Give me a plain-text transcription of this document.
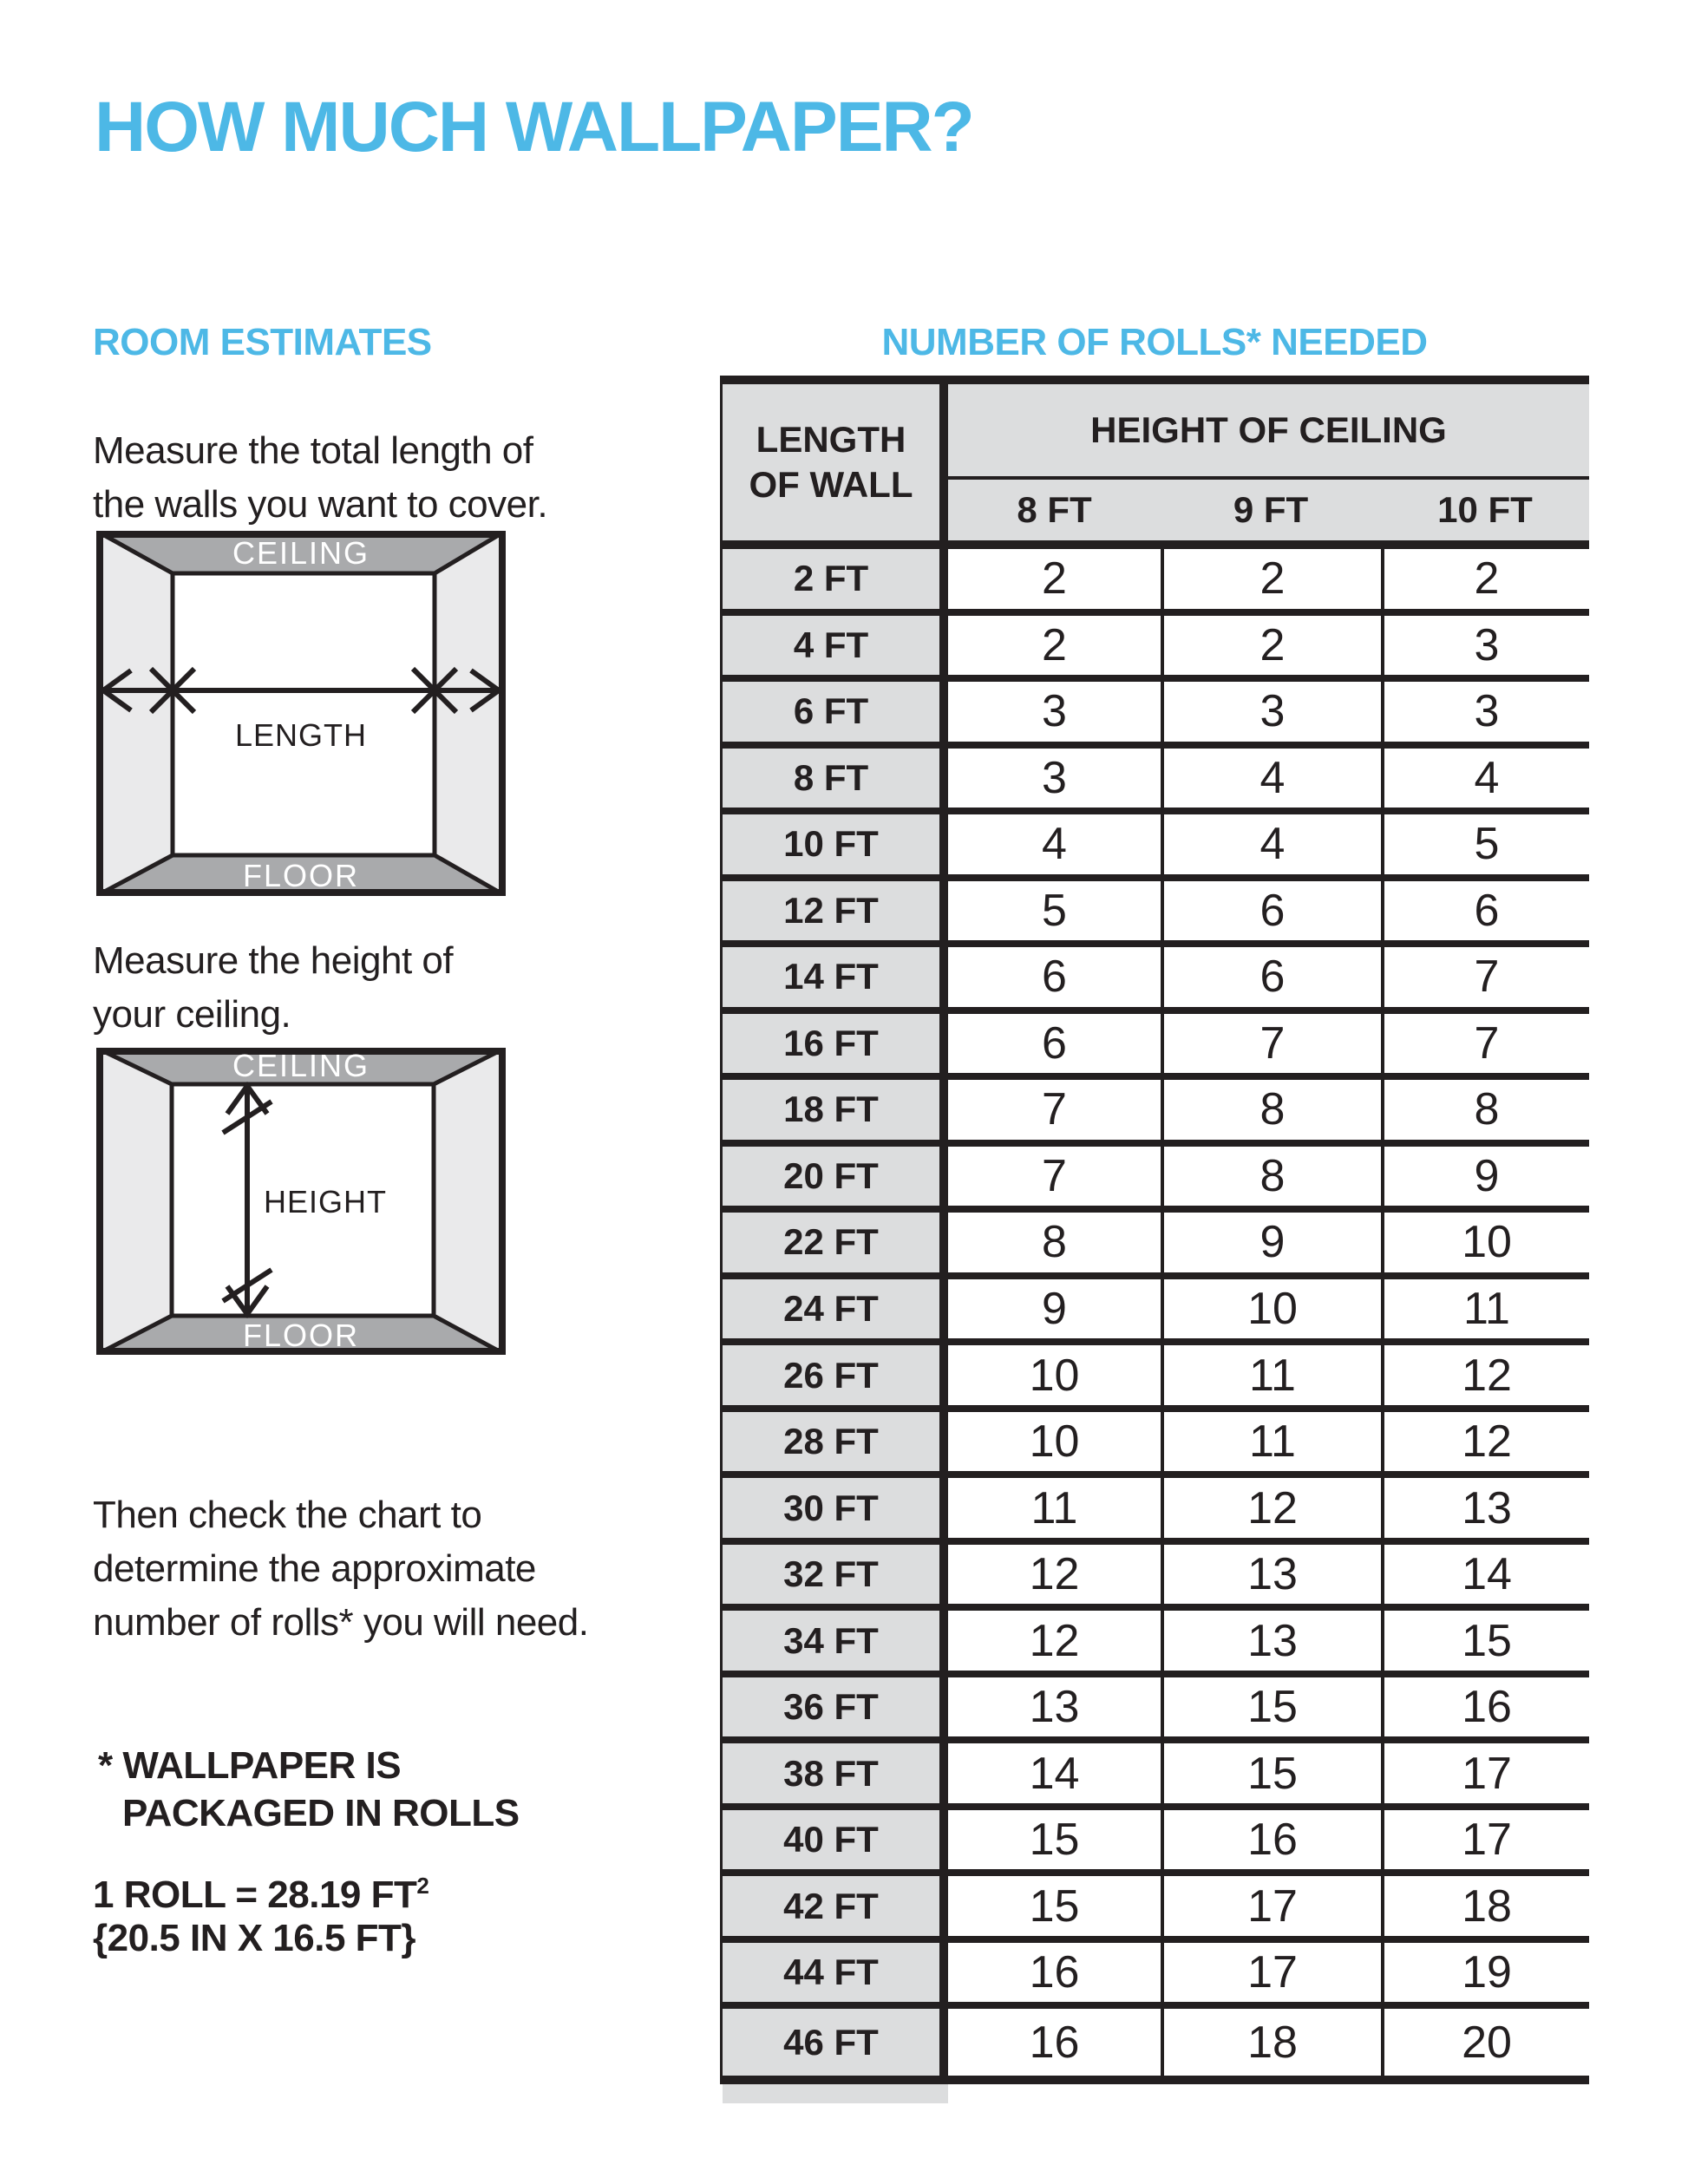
HOW MUCH WALLPAPER?
ROOM ESTIMATES
Measure the total length of
the walls you want to cover.
CEILING
FLOOR
LENGTH
Measure the height of
your ceiling.
CEILING
FLOOR
HEIGHT
Then check the chart to
determine the approximate
number of rolls* you will need.
* WALLPAPER IS
PACKAGED IN ROLLS
1 ROLL = 28.19 $FT^2$
{20.5 IN X 16.5 FT}
NUMBER OF ROLLS* NEEDED
LENGTH
OF WALL
HEIGHT OF CEILING
8 FT	9 FT	10 FT
2 FT	2	2	2
4 FT	2	2	3
6 FT	3	3	3
8 FT	3	4	4
10 FT	4	4	5
12 FT	5	6	6
14 FT	6	6	7
16 FT	6	7	7
18 FT	7	8	8
20 FT	7	8	9
22 FT	8	9	10
24 FT	9	10	11
26 FT	10	11	12
28 FT	10	11	12
30 FT	11	12	13
32 FT	12	13	14
34 FT	12	13	15
36 FT	13	15	16
38 FT	14	15	17
40 FT	15	16	17
42 FT	15	17	18
44 FT	16	17	19
46 FT	16	18	20
